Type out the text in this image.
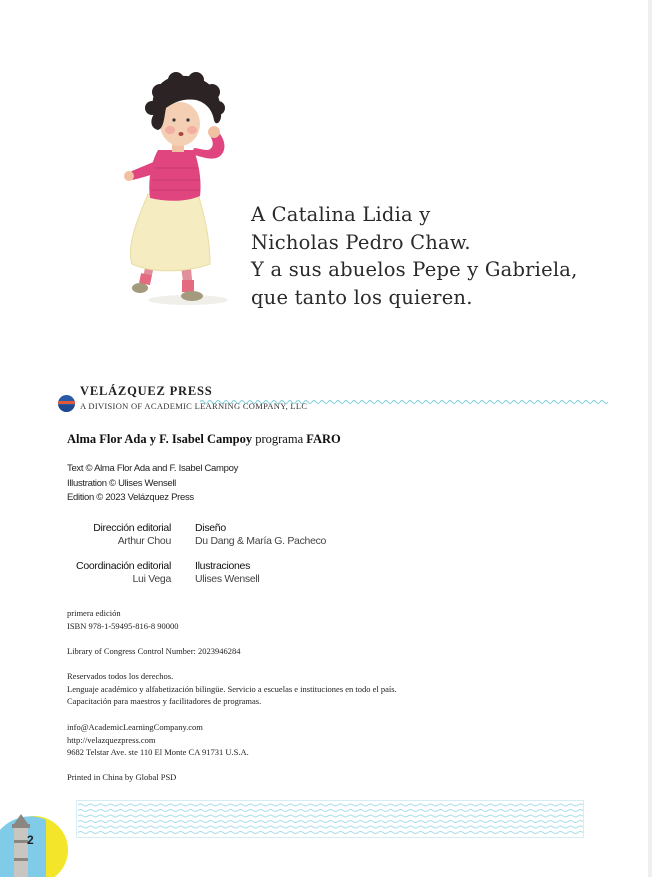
A Catalina Lidia y
Nicholas Pedro Chaw.
Y a sus abuelos Pepe y Gabriela,
que tanto los quieren.
VELÁZQUEZ PRESS
A DIVISION OF ACADEMIC LEARNING COMPANY, LLC
Alma Flor Ada y F. Isabel Campoy programa FARO
Text © Alma Flor Ada and F. Isabel Campoy
Illustration © Ulises Wensell
Edition © 2023 Velázquez Press
Dirección editorial
Arthur Chou
Diseño
Du Dang & María G. Pacheco
Coordinación editorial
Lui Vega
Ilustraciones
Ulises Wensell
primera edición
ISBN 978-1-59495-816-8 90000
Library of Congress Control Number: 2023946284
Reservados todos los derechos.
Lenguaje académico y alfabetización bilingüe. Servicio a escuelas e instituciones en todo el país.
Capacitación para maestros y facilitadores de programas.
info@AcademicLearningCompany.com
http://velazquezpress.com
9682 Telstar Ave. ste 110 El Monte CA 91731 U.S.A.
Printed in China by Global PSD
2
